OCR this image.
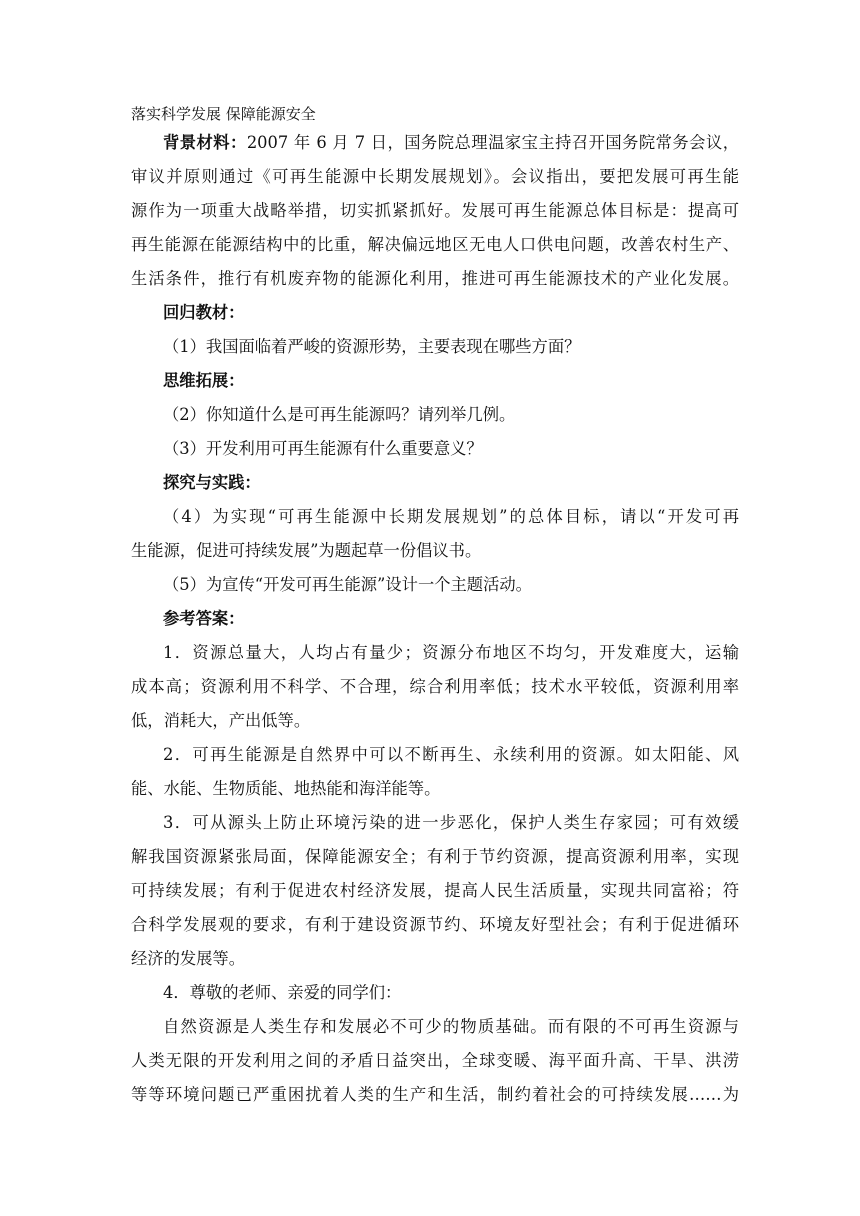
落实科学发展 保障能源安全
背景材料：2007 年 6 月 7 日，国务院总理温家宝主持召开国务院常务会议，
审议并原则通过《可再生能源中长期发展规划》。会议指出，要把发展可再生能
源作为一项重大战略举措，切实抓紧抓好。发展可再生能源总体目标是：提高可
再生能源在能源结构中的比重，解决偏远地区无电人口供电问题，改善农村生产、
生活条件，推行有机废弃物的能源化利用，推进可再生能源技术的产业化发展。
回归教材：
（1）我国面临着严峻的资源形势，主要表现在哪些方面？
思维拓展：
（2）你知道什么是可再生能源吗？请列举几例。
（3）开发利用可再生能源有什么重要意义？
探究与实践：
（4）为实现“可再生能源中长期发展规划”的总体目标，请以“开发可再
生能源，促进可持续发展”为题起草一份倡议书。
（5）为宣传“开发可再生能源”设计一个主题活动。
参考答案：
1．资源总量大，人均占有量少；资源分布地区不均匀，开发难度大，运输
成本高；资源利用不科学、不合理，综合利用率低；技术水平较低，资源利用率
低，消耗大，产出低等。
2．可再生能源是自然界中可以不断再生、永续利用的资源。如太阳能、风
能、水能、生物质能、地热能和海洋能等。
3．可从源头上防止环境污染的进一步恶化，保护人类生存家园；可有效缓
解我国资源紧张局面，保障能源安全；有利于节约资源，提高资源利用率，实现
可持续发展；有利于促进农村经济发展，提高人民生活质量，实现共同富裕；符
合科学发展观的要求，有利于建设资源节约、环境友好型社会；有利于促进循环
经济的发展等。
4．尊敬的老师、亲爱的同学们：
自然资源是人类生存和发展必不可少的物质基础。而有限的不可再生资源与
人类无限的开发利用之间的矛盾日益突出，全球变暖、海平面升高、干旱、洪涝
等等环境问题已严重困扰着人类的生产和生活，制约着社会的可持续发展……为
